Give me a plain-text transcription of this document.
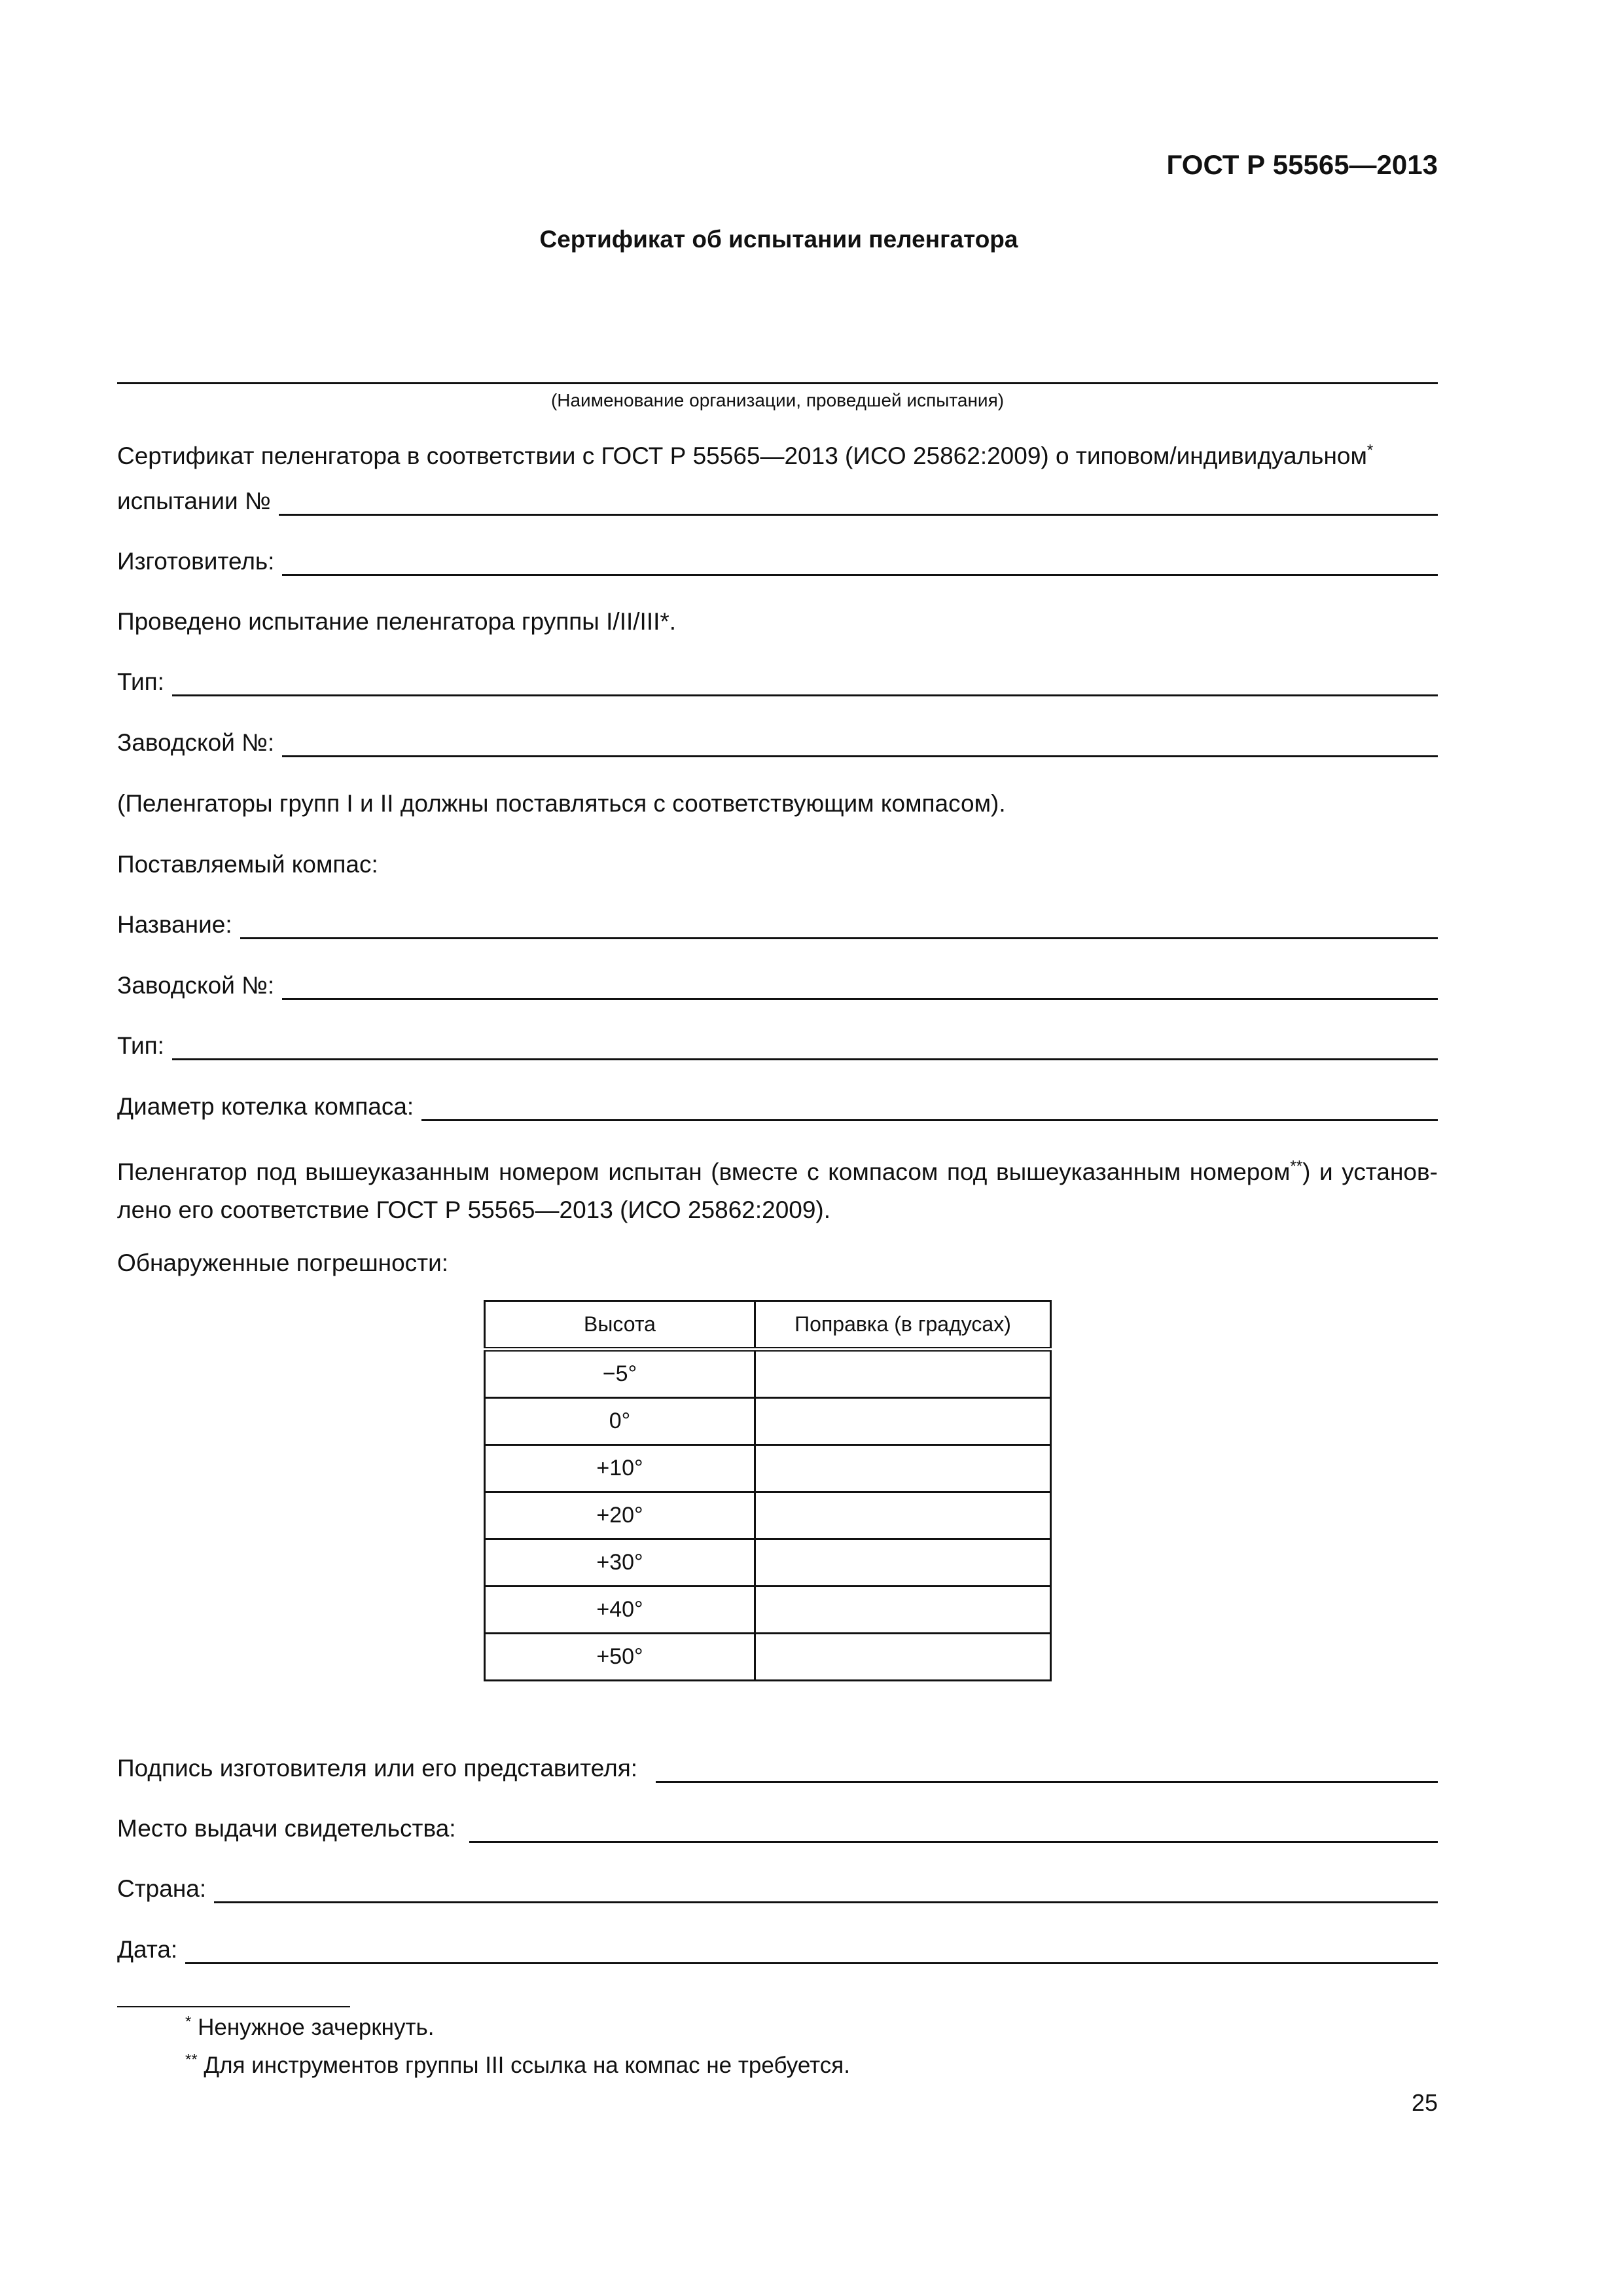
ГОСТ Р 55565—2013
Сертификат об испытании пеленгатора
(Наименование организации, проведшей испытания)
Сертификат пеленгатора в соответствии с ГОСТ Р 55565—2013 (ИСО 25862:2009) о типовом/индивидуальном*
испытании №
Изготовитель:
Проведено испытание пеленгатора группы I/II/III*.
Тип:
Заводской №:
(Пеленгаторы групп I и II должны поставляться с соответствующим компасом).
Поставляемый компас:
Название:
Заводской №:
Тип:
Диаметр котелка компаса:
Пеленгатор под вышеуказанным номером испытан (вместе с компасом под вышеуказанным номером**) и установ-лено его соответствие ГОСТ Р 55565—2013 (ИСО 25862:2009).
Обнаруженные погрешности:
Высота	Поправка (в градусах)
−5°	
0°	
+10°	
+20°	
+30°	
+40°	
+50°	
Подпись изготовителя или его представителя:
Место выдачи свидетельства:
Страна:
Дата:
* Ненужное зачеркнуть.
** Для инструментов группы III ссылка на компас не требуется.
25
